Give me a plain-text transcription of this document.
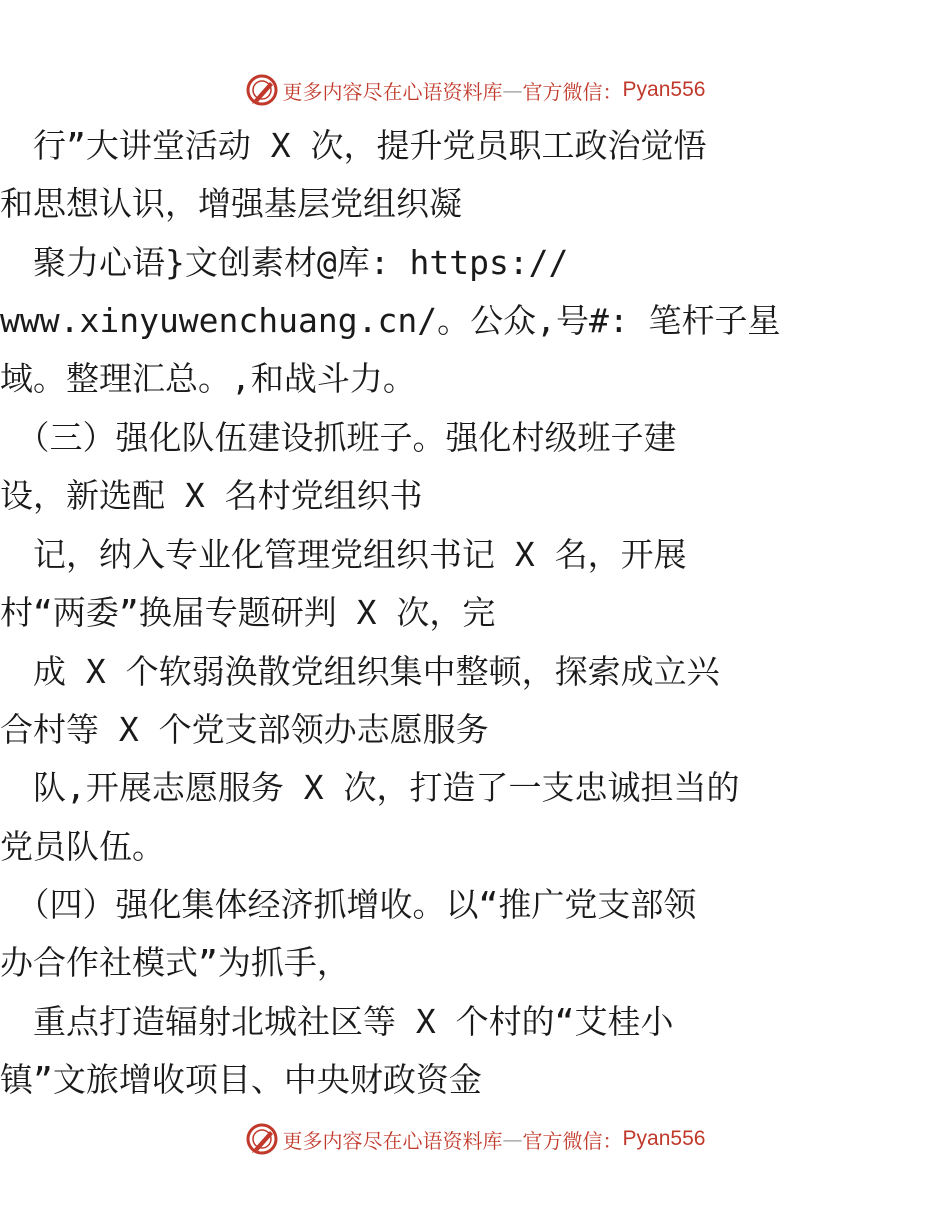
更多内容尽在心语资料库 — 官方微信： Pyan556

　行”大讲堂活动 X 次，提升党员职工政治觉悟

和思想认识，增强基层党组织凝

　聚力心语}文创素材@库: https://

www.xinyuwenchuang.cn/。公众,号#: 笔杆子星

域。整理汇总。,和战斗力。

　（三）强化队伍建设抓班子。强化村级班子建

设，新选配 X 名村党组织书

　记，纳入专业化管理党组织书记 X 名，开展

村“两委”换届专题研判 X 次，完

　成 X 个软弱涣散党组织集中整顿，探索成立兴

合村等 X 个党支部领办志愿服务

　队,开展志愿服务 X 次，打造了一支忠诚担当的

党员队伍。

　（四）强化集体经济抓增收。以“推广党支部领

办合作社模式”为抓手，

　重点打造辐射北城社区等 X 个村的“艾桂小

镇”文旅增收项目、中央财政资金

更多内容尽在心语资料库 — 官方微信： Pyan556
